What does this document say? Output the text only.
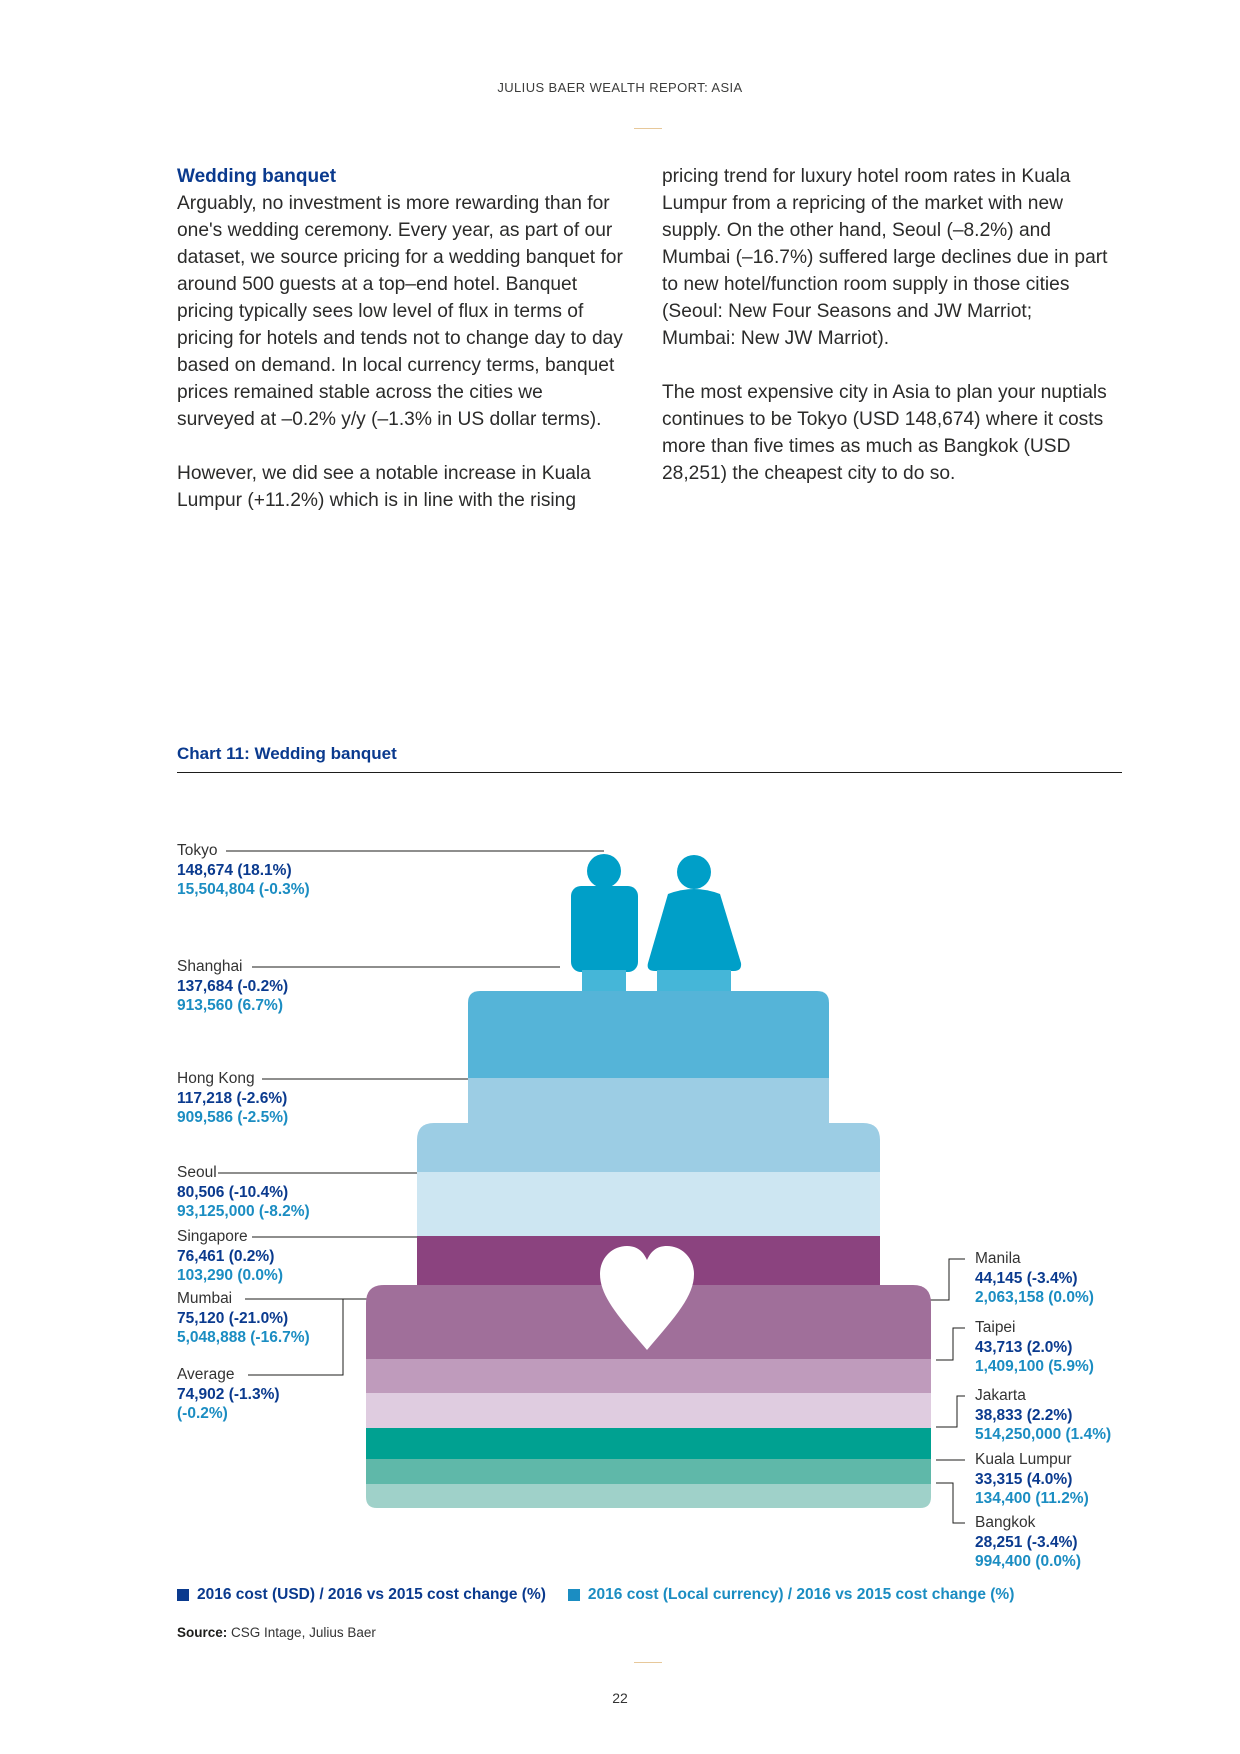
JULIUS BAER WEALTH REPORT: ASIA

Wedding banquet
Arguably, no investment is more rewarding than for one's wedding ceremony. Every year, as part of our dataset, we source pricing for a wedding banquet for around 500 guests at a top–end hotel. Banquet pricing typically sees low level of flux in terms of pricing for hotels and tends not to change day to day based on demand. In local currency terms, banquet prices remained stable across the cities we surveyed at –0.2% y/y (–1.3% in US dollar terms).

However, we did see a notable increase in Kuala Lumpur (+11.2%) which is in line with the rising

pricing trend for luxury hotel room rates in Kuala Lumpur from a repricing of the market with new supply. On the other hand, Seoul (–8.2%) and Mumbai (–16.7%) suffered large declines due in part to new hotel/function room supply in those cities (Seoul: New Four Seasons and JW Marriot; Mumbai: New JW Marriot).

The most expensive city in Asia to plan your nuptials continues to be Tokyo (USD 148,674) where it costs more than five times as much as Bangkok (USD 28,251) the cheapest city to do so.

Chart 11: Wedding banquet
Tokyo
148,674 (18.1%)
15,504,804 (-0.3%)
Shanghai
137,684 (-0.2%)
913,560 (6.7%)
Hong Kong
117,218 (-2.6%)
909,586 (-2.5%)
Seoul
80,506 (-10.4%)
93,125,000 (-8.2%)
Singapore
76,461 (0.2%)
103,290 (0.0%)
Mumbai
75,120 (-21.0%)
5,048,888 (-16.7%)
Average
74,902 (-1.3%)
(-0.2%)
Manila
44,145 (-3.4%)
2,063,158 (0.0%)
Taipei
43,713 (2.0%)
1,409,100 (5.9%)
Jakarta
38,833 (2.2%)
514,250,000 (1.4%)
Kuala Lumpur
33,315 (4.0%)
134,400 (11.2%)
Bangkok
28,251 (-3.4%)
994,400 (0.0%)
2016 cost (USD) / 2016 vs 2015 cost change (%)	2016 cost (Local currency) / 2016 vs 2015 cost change (%)
Source: CSG Intage, Julius Baer
22
